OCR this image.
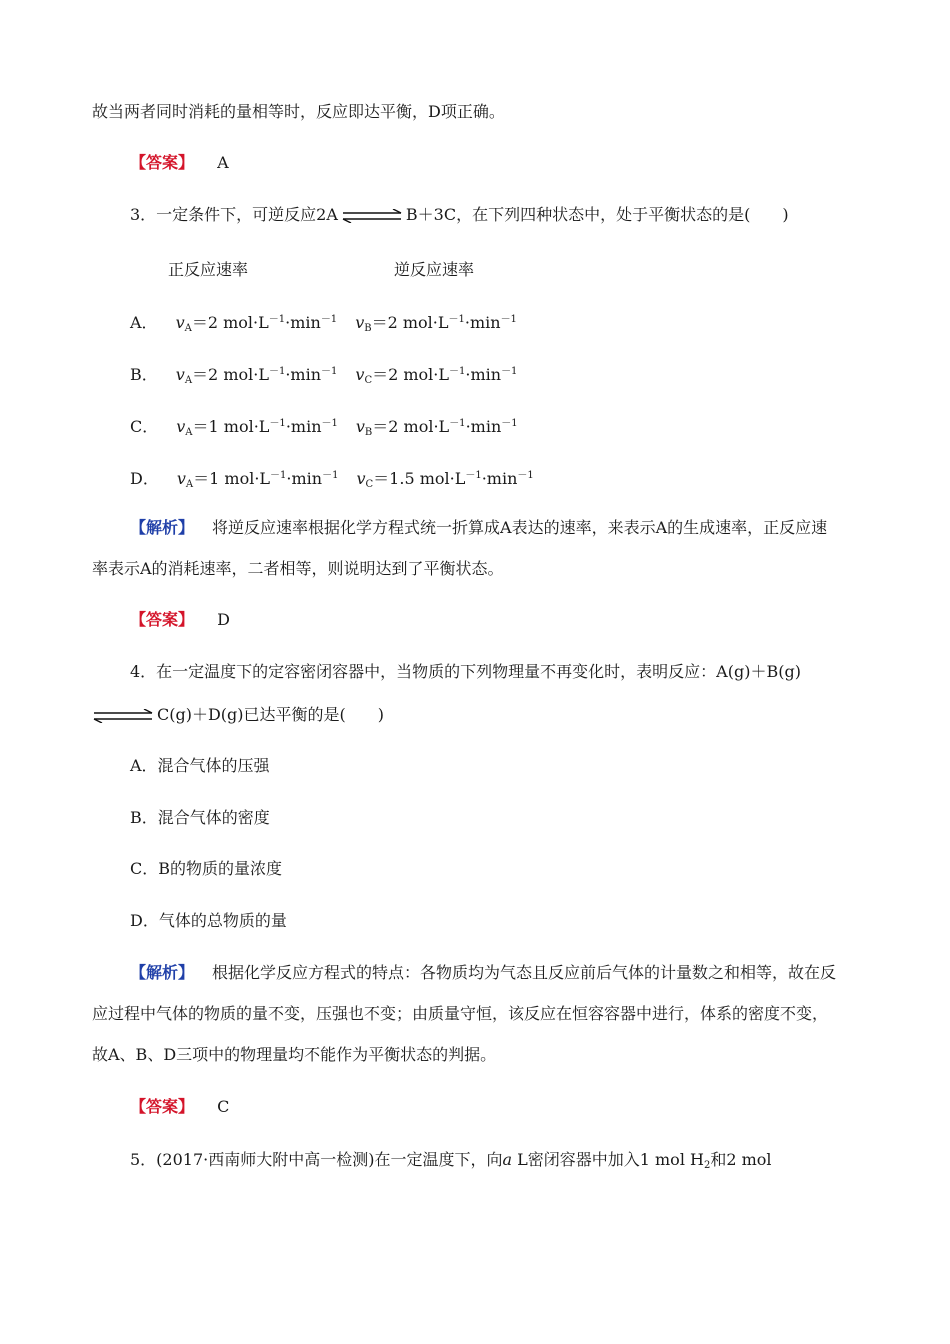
故当两者同时消耗的量相等时，反应即达平衡，D项正确。
【答案】 A
3．一定条件下，可逆反应2A ⇌ B＋3C，在下列四种状态中，处于平衡状态的是(　　)
正反应速率	逆反应速率
A． $v_A=2$ $mol\cdot L^{-1}\cdot\min^{-1}$ $v_B=2$ $mol\cdot L^{-1}\cdot\min^{-1}$
B． $v_A=2$ $mol\cdot L^{-1}\cdot\min^{-1}$ $v_C=2$ $mol\cdot L^{-1}\cdot\min^{-1}$
C． $v_A=1$ $mol\cdot L^{-1}\cdot\min^{-1}$ $v_B=2$ $mol\cdot L^{-1}\cdot\min^{-1}$
D． $v_A=1$ $mol\cdot L^{-1}\cdot\min^{-1}$ $v_C=1.5$ $mol\cdot L^{-1}\cdot\min^{-1}$
【解析】 将逆反应速率根据化学方程式统一折算成A表达的速率，来表示A的生成速率，正反应速
率表示A的消耗速率，二者相等，则说明达到了平衡状态。
【答案】 D
4．在一定温度下的定容密闭容器中，当物质的下列物理量不再变化时，表明反应：A(g)＋B(g)
⇌ C(g)＋D(g)已达平衡的是(　　)
A．混合气体的压强
B．混合气体的密度
C．B的物质的量浓度
D．气体的总物质的量
【解析】 根据化学反应方程式的特点：各物质均为气态且反应前后气体的计量数之和相等，故在反
应过程中气体的物质的量不变，压强也不变；由质量守恒，该反应在恒容容器中进行，体系的密度不变，
故A、B、D三项中的物理量均不能作为平衡状态的判据。
【答案】 C
5．(2017·西南师大附中高一检测)在一定温度下，向a L密闭容器中加入1 mol $H_2$和2 mol
